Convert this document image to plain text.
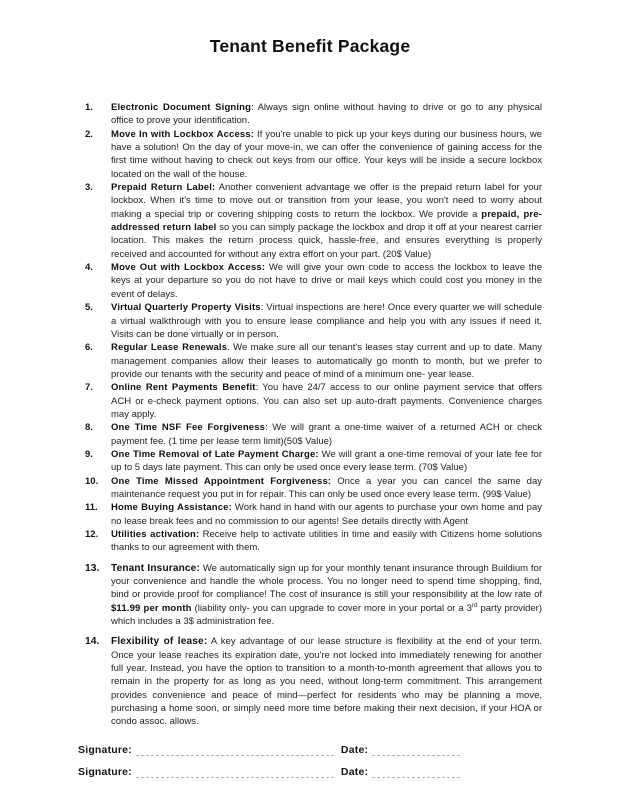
Tenant Benefit Package
1.	Electronic Document Signing: Always sign online without having to drive or go to any physical office to prove your identification.
2.	Move In with Lockbox Access: If you're unable to pick up your keys during our business hours, we have a solution! On the day of your move-in, we can offer the convenience of gaining access for the first time without having to check out keys from our office. Your keys will be inside a secure lockbox located on the wall of the house.
3.	Prepaid Return Label: Another convenient advantage we offer is the prepaid return label for your lockbox. When it's time to move out or transition from your lease, you won't need to worry about making a special trip or covering shipping costs to return the lockbox. We provide a prepaid, pre-addressed return label so you can simply package the lockbox and drop it off at your nearest carrier location. This makes the return process quick, hassle-free, and ensures everything is properly received and accounted for without any extra effort on your part. (20$ Value)
4.	Move Out with Lockbox Access: We will give your own code to access the lockbox to leave the keys at your departure so you do not have to drive or mail keys which could cost you money in the event of delays.
5.	Virtual Quarterly Property Visits: Virtual inspections are here! Once every quarter we will schedule a virtual walkthrough with you to ensure lease compliance and help you with any issues if need it. Visits can be done virtually or in person.
6.	Regular Lease Renewals. We make sure all our tenant's leases stay current and up to date. Many management companies allow their leases to automatically go month to month, but we prefer to provide our tenants with the security and peace of mind of a minimum one- year lease.
7.	Online Rent Payments Benefit: You have 24/7 access to our online payment service that offers ACH or e-check payment options. You can also set up auto-draft payments. Convenience charges may apply.
8.	One Time NSF Fee Forgiveness: We will grant a one-time waiver of a returned ACH or check payment fee. (1 time per lease term limit)(50$ Value)
9.	One Time Removal of Late Payment Charge: We will grant a one-time removal of your late fee for up to 5 days late payment. This can only be used once every lease term. (70$ Value)
10.	One Time Missed Appointment Forgiveness: Once a year you can cancel the same day maintenance request you put in for repair. This can only be used once every lease term. (99$ Value)
11.	Home Buying Assistance: Work hand in hand with our agents to purchase your own home and pay no lease break fees and no commission to our agents! See details directly with Agent
12.	Utilities activation: Receive help to activate utilities in time and easily with Citizens home solutions thanks to our agreement with them.
13.	Tenant Insurance: We automatically sign up for your monthly tenant insurance through Buildium for your convenience and handle the whole process. You no longer need to spend time shopping, find, bind or provide proof for compliance! The cost of insurance is still your responsibility at the low rate of $11.99 per month (liability only- you can upgrade to cover more in your portal or a 3rd party provider) which includes a 3$ administration fee.
14.	Flexibility of lease: A key advantage of our lease structure is flexibility at the end of your term. Once your lease reaches its expiration date, you're not locked into immediately renewing for another full year. Instead, you have the option to transition to a month-to-month agreement that allows you to remain in the property for as long as you need, without long-term commitment. This arrangement provides convenience and peace of mind—perfect for residents who may be planning a move, purchasing a home soon, or simply need more time before making their next decision, if your HOA or condo assoc. allows.
Signature:	Date:
Signature:	Date:
